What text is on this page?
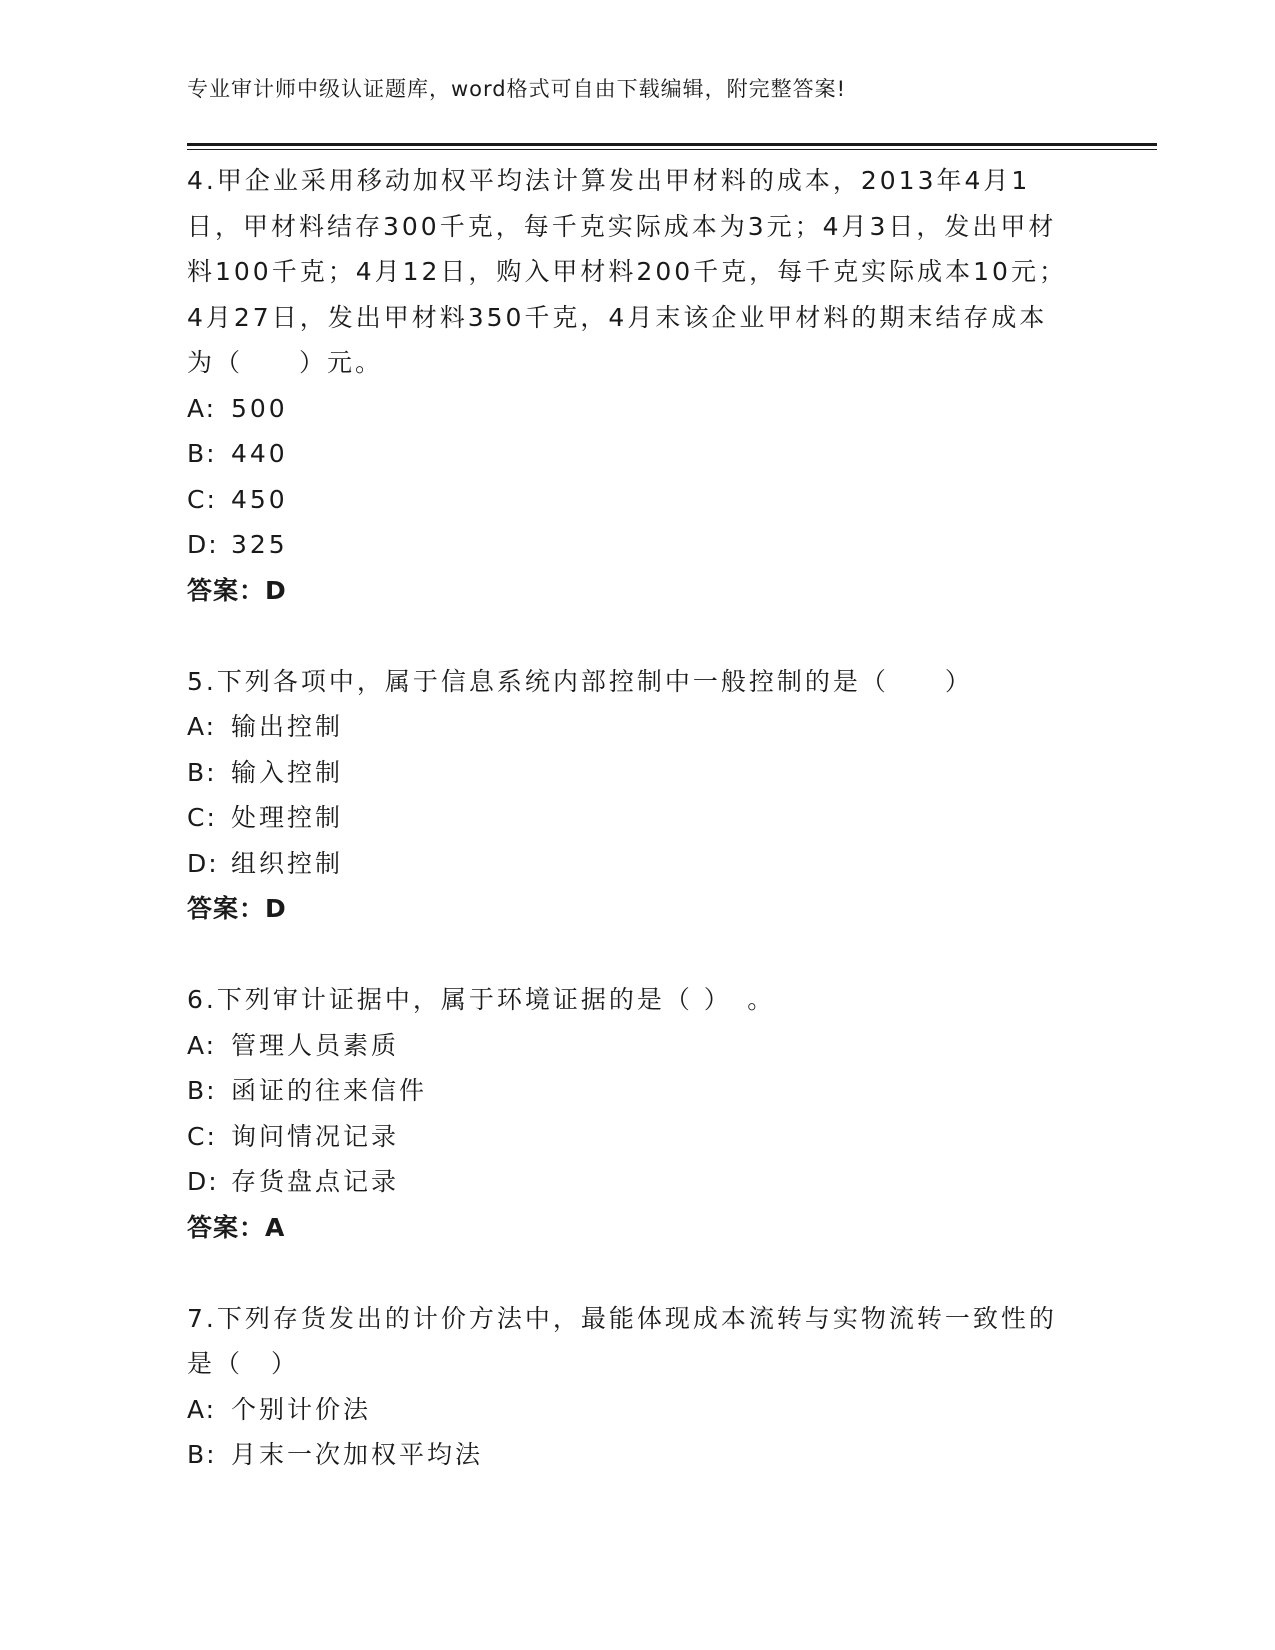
专业审计师中级认证题库，word格式可自由下载编辑，附完整答案!

4.甲企业采用移动加权平均法计算发出甲材料的成本，2013年4月1日，甲材料结存300千克，每千克实际成本为3元；4月3日，发出甲材料100千克；4月12日，购入甲材料200千克，每千克实际成本10元；4月27日，发出甲材料350千克，4月末该企业甲材料的期末结存成本为（　　）元。

A: 500

B: 440

C: 450

D: 325

答案：D

5.下列各项中，属于信息系统内部控制中一般控制的是（　　）

A: 输出控制

B: 输入控制

C: 处理控制

D: 组织控制

答案：D

6.下列审计证据中，属于环境证据的是（ ）　。

A: 管理人员素质

B: 函证的往来信件

C: 询问情况记录

D: 存货盘点记录

答案：A

7.下列存货发出的计价方法中，最能体现成本流转与实物流转一致性的是（　）

A: 个别计价法

B: 月末一次加权平均法
